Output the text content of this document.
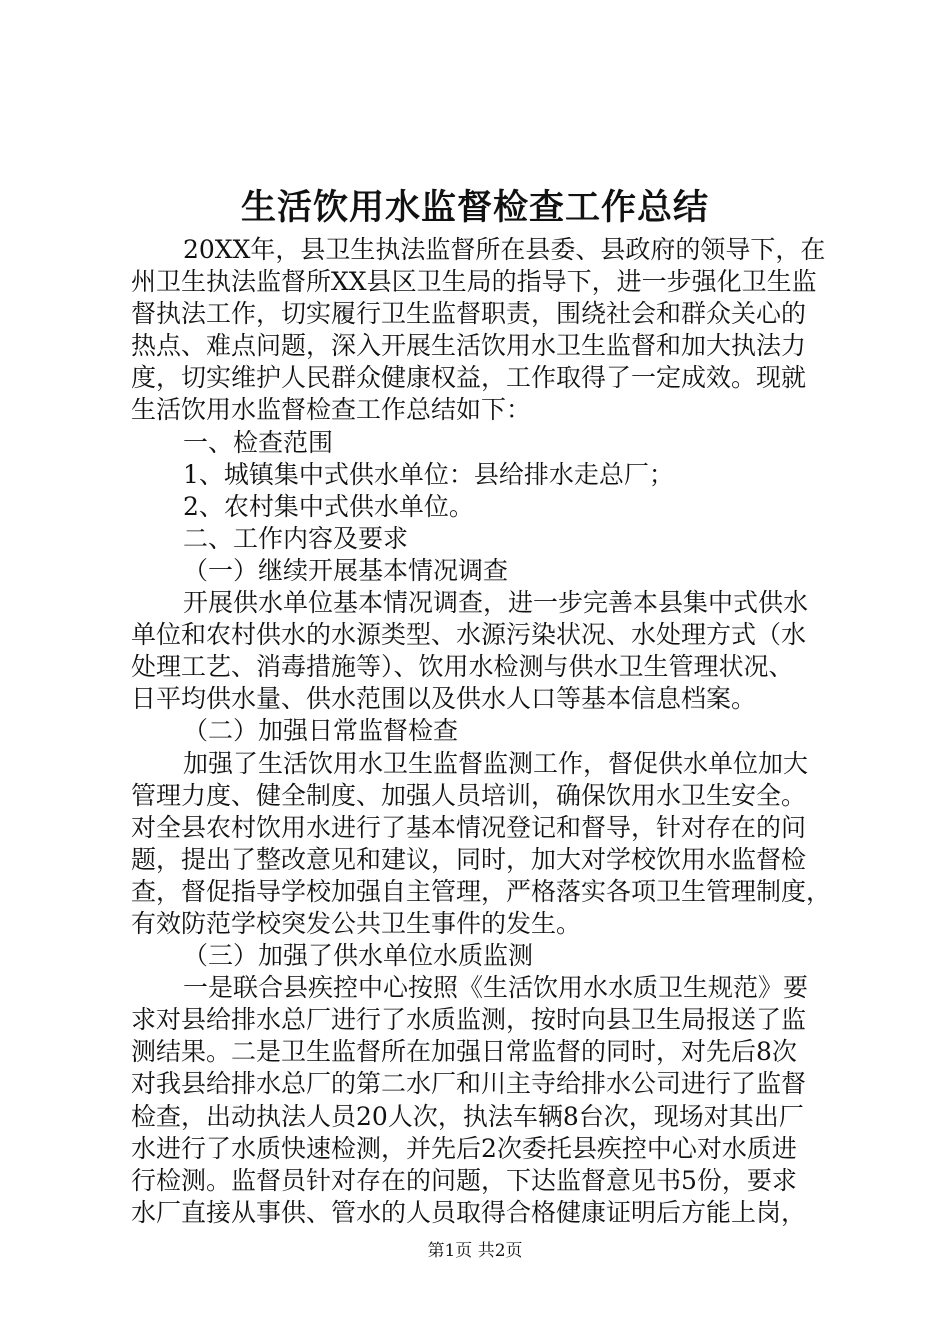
生活饮用水监督检查工作总结
20XX年，县卫生执法监督所在县委、县政府的领导下，在
州卫生执法监督所XX县区卫生局的指导下，进一步强化卫生监
督执法工作，切实履行卫生监督职责，围绕社会和群众关心的
热点、难点问题，深入开展生活饮用水卫生监督和加大执法力
度，切实维护人民群众健康权益，工作取得了一定成效。现就
生活饮用水监督检查工作总结如下：
一、检查范围
1、城镇集中式供水单位：县给排水走总厂；
2、农村集中式供水单位。
二、工作内容及要求
（一）继续开展基本情况调查
开展供水单位基本情况调查，进一步完善本县集中式供水
单位和农村供水的水源类型、水源污染状况、水处理方式（水
处理工艺、消毒措施等）、饮用水检测与供水卫生管理状况、
日平均供水量、供水范围以及供水人口等基本信息档案。
（二）加强日常监督检查
加强了生活饮用水卫生监督监测工作，督促供水单位加大
管理力度、健全制度、加强人员培训，确保饮用水卫生安全。
对全县农村饮用水进行了基本情况登记和督导，针对存在的问
题，提出了整改意见和建议，同时，加大对学校饮用水监督检
查，督促指导学校加强自主管理，严格落实各项卫生管理制度，
有效防范学校突发公共卫生事件的发生。
（三）加强了供水单位水质监测
一是联合县疾控中心按照《生活饮用水水质卫生规范》要
求对县给排水总厂进行了水质监测，按时向县卫生局报送了监
测结果。二是卫生监督所在加强日常监督的同时，对先后8次
对我县给排水总厂的第二水厂和川主寺给排水公司进行了监督
检查，出动执法人员20人次，执法车辆8台次，现场对其出厂
水进行了水质快速检测，并先后2次委托县疾控中心对水质进
行检测。监督员针对存在的问题，下达监督意见书5份，要求
水厂直接从事供、管水的人员取得合格健康证明后方能上岗，
第1页 共2页
